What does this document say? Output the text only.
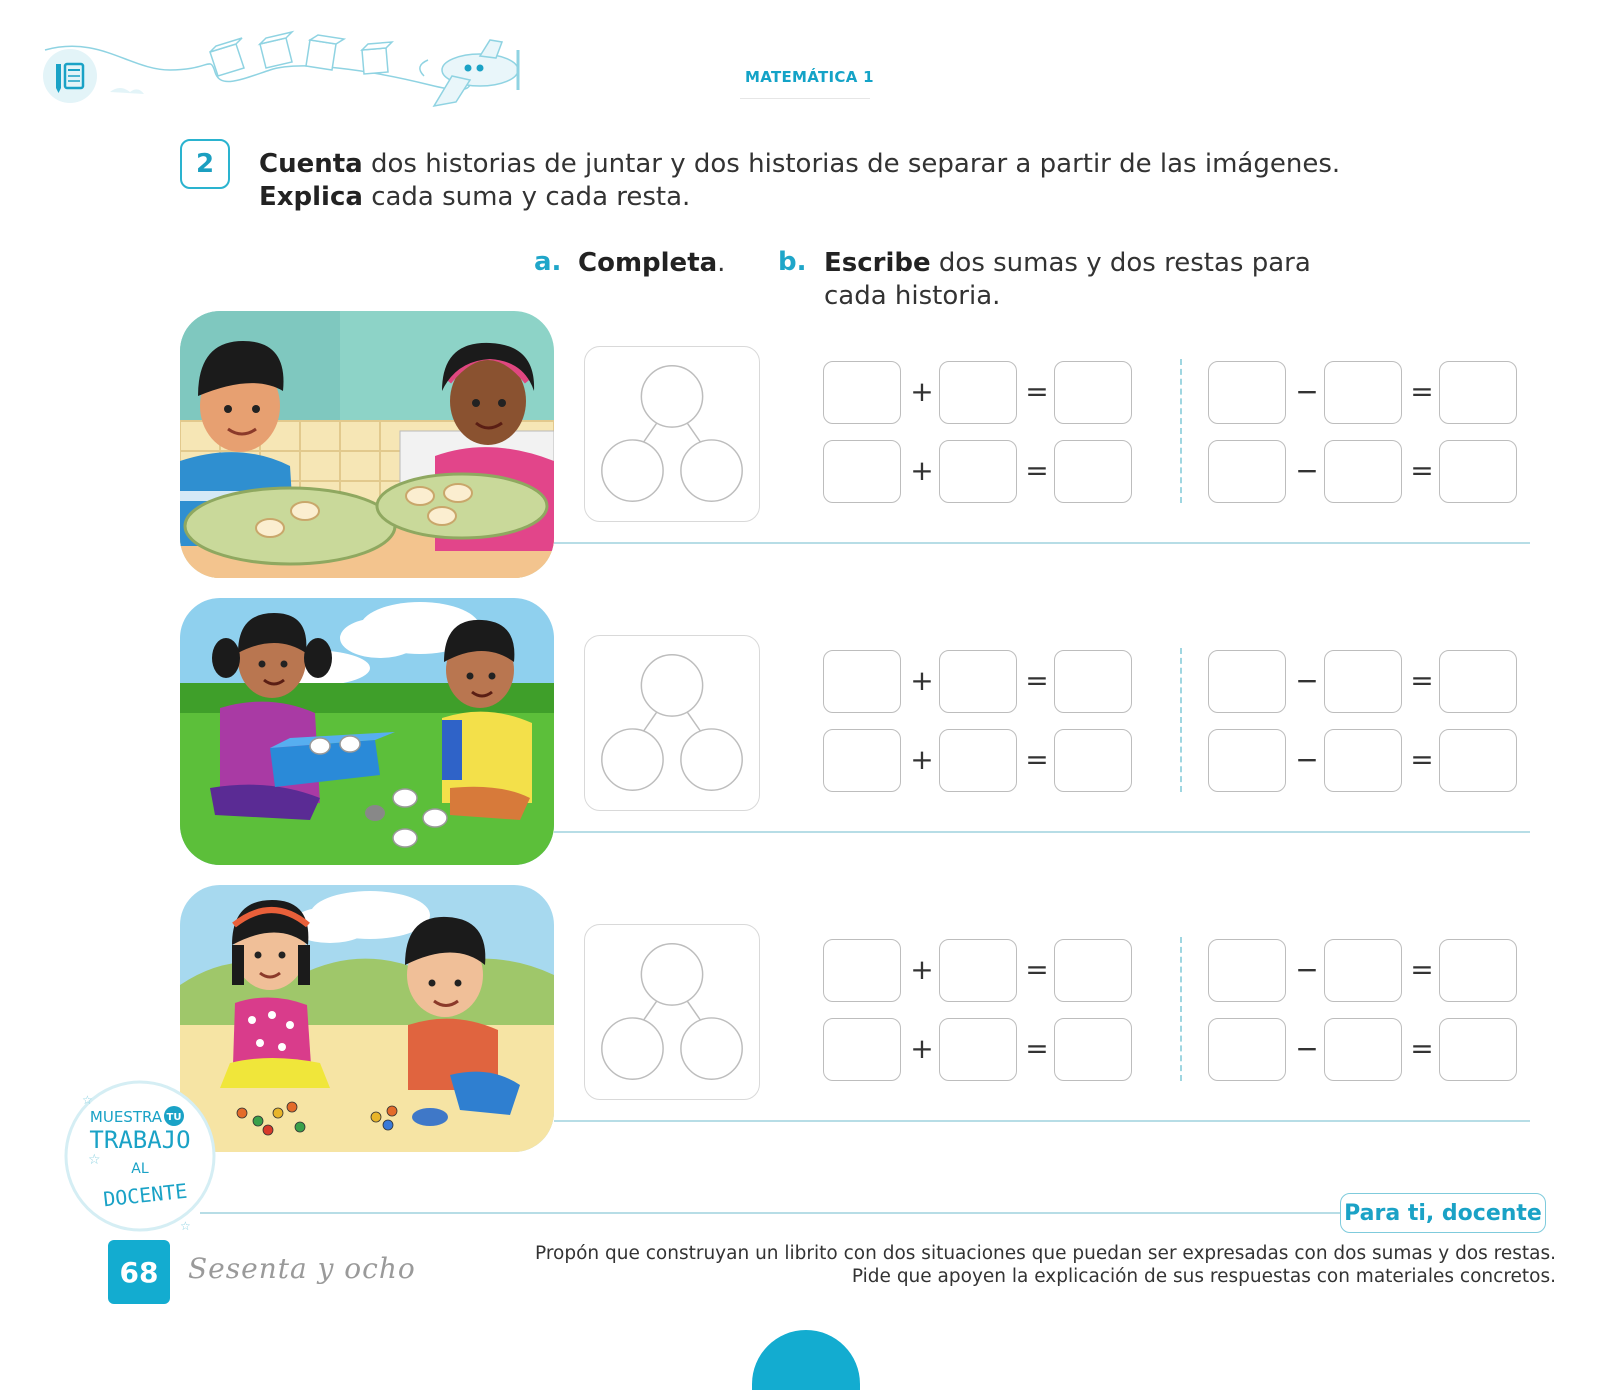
MATEMÁTICA 1
2	Cuenta dos historias de juntar y dos historias de separar a partir de las imágenes.
Explica cada suma y cada resta.
a. Completa. b. Escribe dos sumas y dos restas para
cada historia.
+	=	−	=
+	=	−	=
+	=	−	=
+	=	−	=
+	=	−	=
+	=	−	=
MUESTRA TU
TRABAJO
AL
DOCENTE
☆
☆
☆
Para ti, docente
Propón que construyan un librito con dos situaciones que puedan ser expresadas con dos sumas y dos restas.
Pide que apoyen la explicación de sus respuestas con materiales concretos.
68	Sesenta y ocho
